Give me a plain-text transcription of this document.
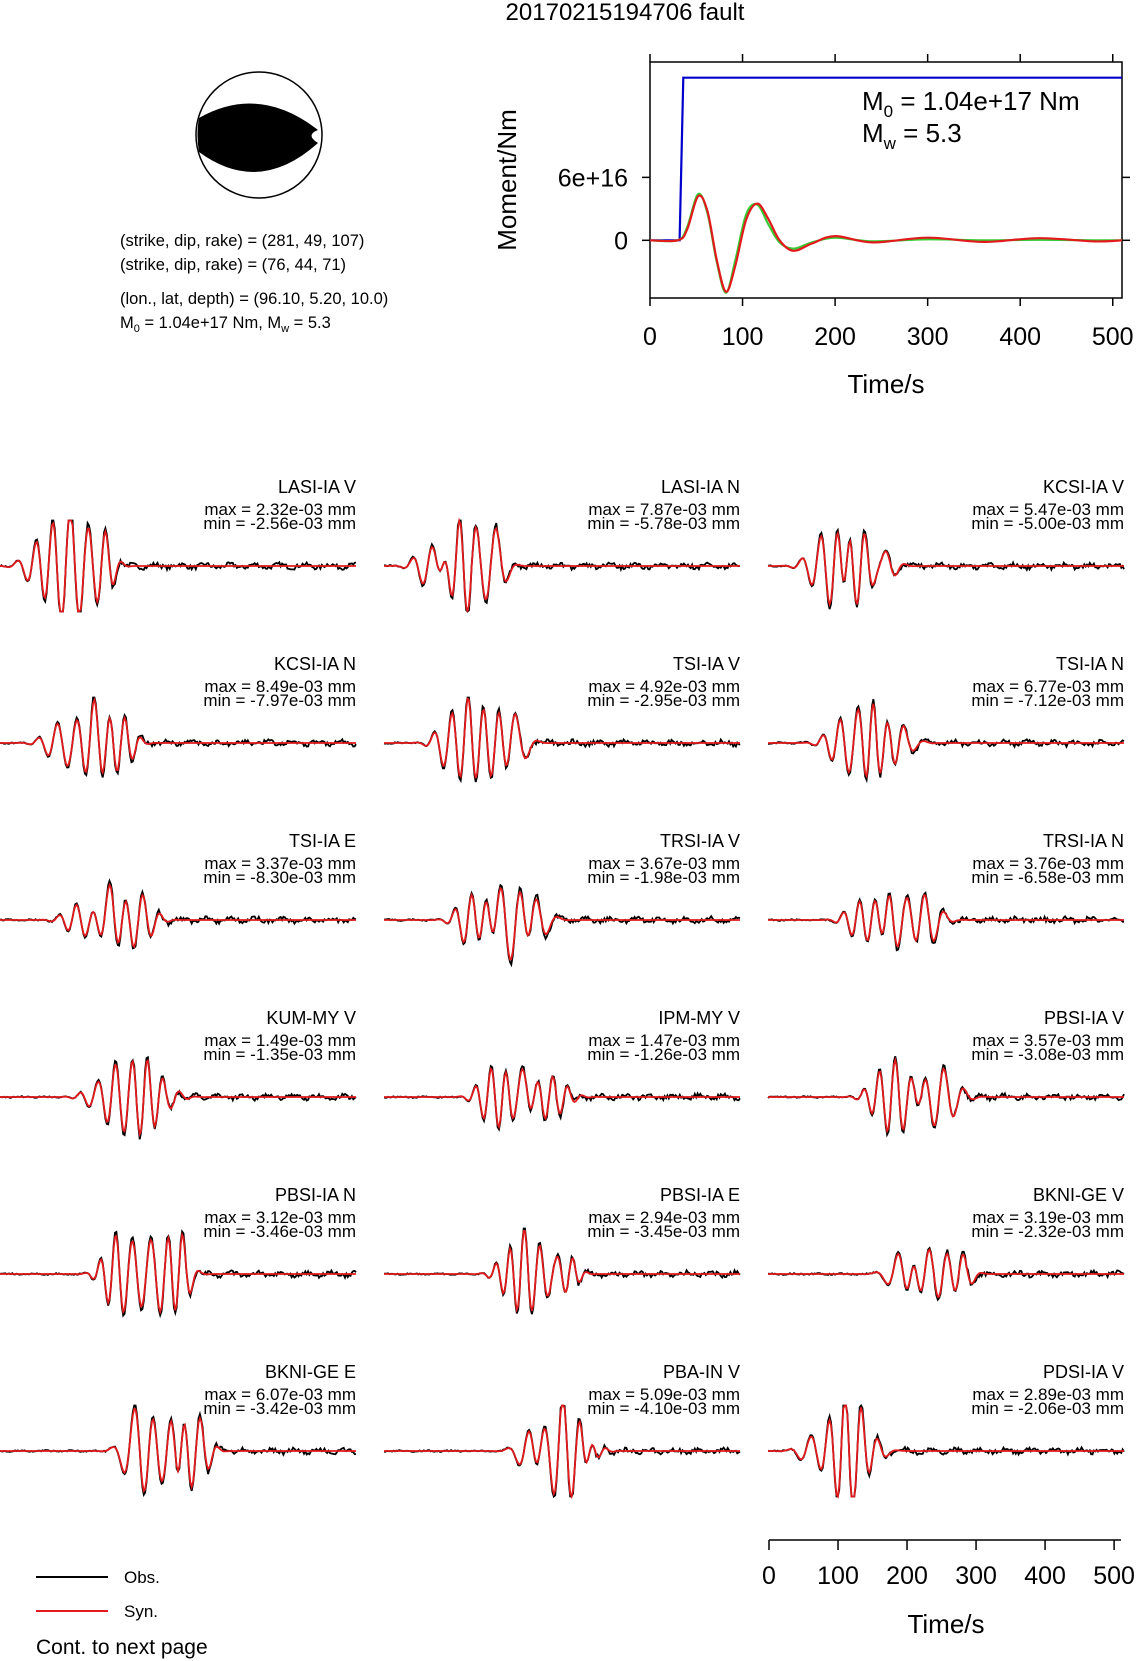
20170215194706 fault
(strike, dip, rake) = (281, 49, 107)
(strike, dip, rake) = (76, 44, 71)
(lon., lat, depth) = (96.10, 5.20, 10.0)
$M_0 = 1.04e+17$ Nm, $M_w = 5.3$	0	100 200 300 400 500
0
6e+16
Moment/Nm
Time/s
$M_0 = 1.04e+17$ Nm
$M_w = 5.3$
LASI-IA V
max = 2.32e-03 mm
min = -2.56e-03 mm
LASI-IA N
max = 7.87e-03 mm
min = -5.78e-03 mm
KCSI-IA V
max = 5.47e-03 mm
min = -5.00e-03 mm
KCSI-IA N
max = 8.49e-03 mm
min = -7.97e-03 mm
TSI-IA V
max = 4.92e-03 mm
min = -2.95e-03 mm
TSI-IA N
max = 6.77e-03 mm
min = -7.12e-03 mm
TSI-IA E
max = 3.37e-03 mm
min = -8.30e-03 mm
TRSI-IA V
max = 3.67e-03 mm
min = -1.98e-03 mm
TRSI-IA N
max = 3.76e-03 mm
min = -6.58e-03 mm
KUM-MY V
max = 1.49e-03 mm
min = -1.35e-03 mm
IPM-MY V
max = 1.47e-03 mm
min = -1.26e-03 mm
PBSI-IA V
max = 3.57e-03 mm
min = -3.08e-03 mm
PBSI-IA N
max = 3.12e-03 mm
min = -3.46e-03 mm
PBSI-IA E
max = 2.94e-03 mm
min = -3.45e-03 mm
BKNI-GE V
max = 3.19e-03 mm
min = -2.32e-03 mm
BKNI-GE E
max = 6.07e-03 mm
min = -3.42e-03 mm
PBA-IN V
max = 5.09e-03 mm
min = -4.10e-03 mm
PDSI-IA V
max = 2.89e-03 mm
min = -2.06e-03 mm
Time/s
0 100 200 300 400 500
Obs.
Syn.
Cont. to next page
